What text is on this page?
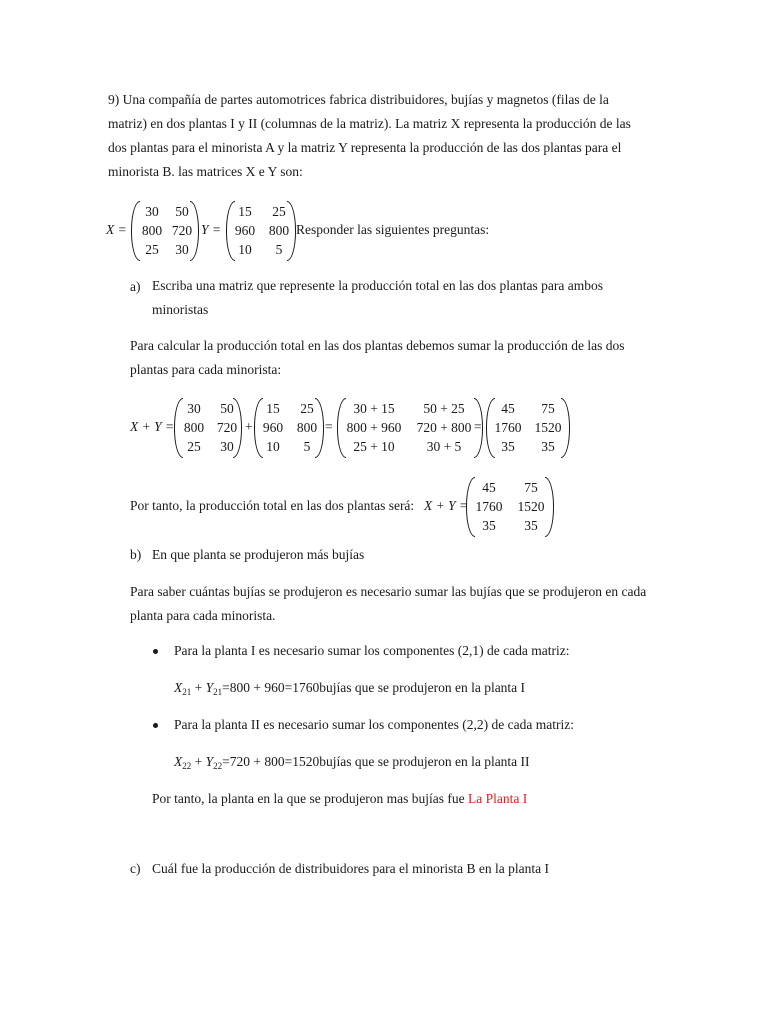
9) Una compañía de partes automotrices fabrica distribuidores, bujías y magnetos (filas de la
matriz) en dos plantas I y II (columnas de la matriz). La matriz X representa la producción de las
dos plantas para el minorista A y la matriz Y representa la producción de las dos plantas para el
minorista B. las matrices X e Y son:
X =
30	50
800 720
25	30
Y =
15	25
960	800
10	5
Responder las siguientes preguntas:
a) Escriba una matriz que represente la producción total en las dos plantas para ambos
minoristas
Para calcular la producción total en las dos plantas debemos sumar la producción de las dos
plantas para cada minorista:
X + Y =
30	50
800 720
25	30
+
15	25
960	800
10	5
=
30 + 15	50 + 25
800 + 960	720 + 800
25 + 10	30 + 5
=
45	75
1760 1520
35	35
Por tanto, la producción total en las dos plantas será: X + Y =
45	75
1760	1520
35	35
b) En que planta se produjeron más bujías
Para saber cuántas bujías se produjeron es necesario sumar las bujías que se produjeron en cada
planta para cada minorista.
Para la planta I es necesario sumar los componentes (2,1) de cada matriz:
$X_{21} + Y_{21}=800$ + 960=1760bujías que se produjeron en la planta I
Para la planta II es necesario sumar los componentes (2,2) de cada matriz:
$X_{22} + Y_{22}=720$ + 800=1520bujías que se produjeron en la planta II
Por tanto, la planta en la que se produjeron mas bujías fue La Planta I
c) Cuál fue la producción de distribuidores para el minorista B en la planta I
